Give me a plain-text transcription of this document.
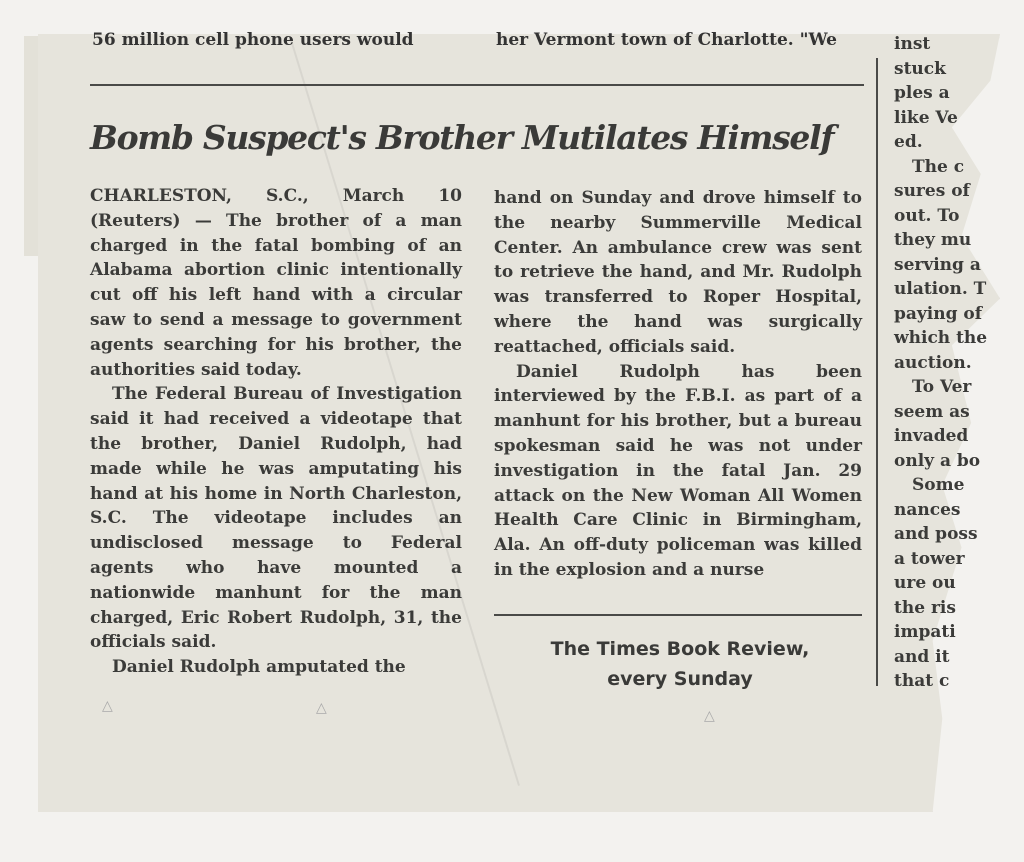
56 million cell phone users would	her Vermont town of Charlotte. "We
Bomb Suspect's Brother Mutilates Himself

CHARLESTON, S.C., March 10 (Reuters) — The brother of a man charged in the fatal bombing of an Alabama abortion clinic intentionally cut off his left hand with a circular saw to send a message to government agents searching for his brother, the authorities said today.

The Federal Bureau of Investigation said it had received a videotape that the brother, Daniel Rudolph, had made while he was amputating his hand at his home in North Charleston, S.C. The videotape includes an undisclosed message to Federal agents who have mounted a nationwide manhunt for the man charged, Eric Robert Rudolph, 31, the officials said.

Daniel Rudolph amputated the

hand on Sunday and drove himself to the nearby Summerville Medical Center. An ambulance crew was sent to retrieve the hand, and Mr. Rudolph was transferred to Roper Hospital, where the hand was surgically reattached, officials said.

Daniel Rudolph has been interviewed by the F.B.I. as part of a manhunt for his brother, but a bureau spokesman said he was not under investigation in the fatal Jan. 29 attack on the New Woman All Women Health Care Clinic in Birmingham, Ala. An off-duty policeman was killed in the explosion and a nurse

The Times Book Review,
every Sunday
inst
stuck
ples a
like Ve
ed.
The c
sures of
out. To
they mu
serving a
ulation. T
paying of
which the
auction.
To Ver
seem as
invaded
only a bo
Some
nances
and poss
a tower
ure ou
the ris
impati
and it
that c
△	△	△
